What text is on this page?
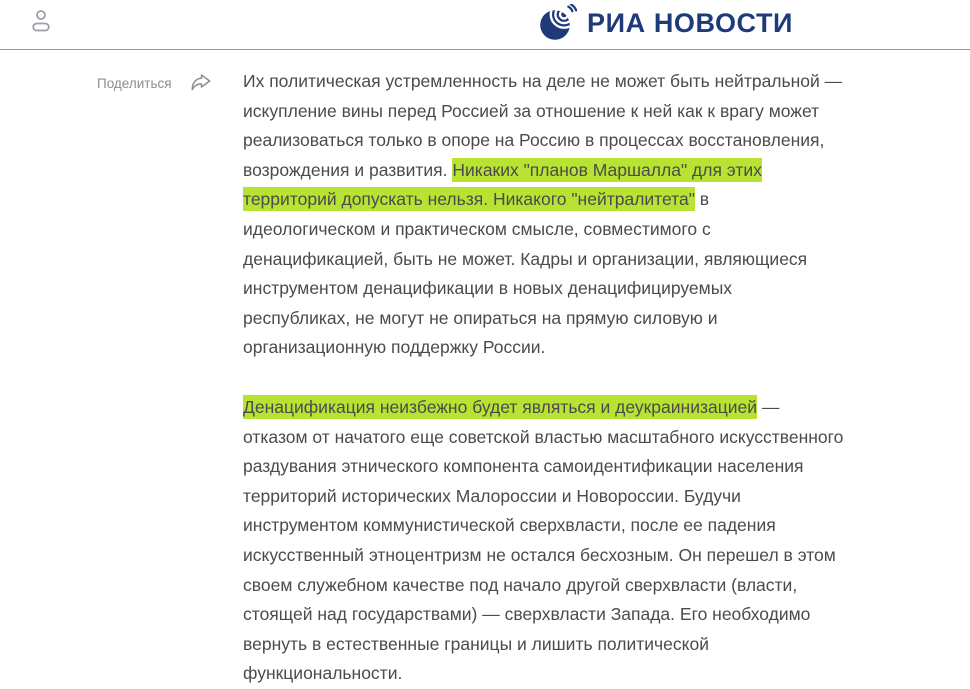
РИА НОВОСТИ
Поделиться	Их политическая устремленность на деле не может быть нейтральной — искупление вины перед Россией за отношение к ней как к врагу может реализоваться только в опоре на Россию в процессах восстановления, возрождения и развития. Никаких "планов Маршалла" для этих территорий допускать нельзя. Никакого "нейтралитета" в идеологическом и практическом смысле, совместимого с денацификацией, быть не может. Кадры и организации, являющиеся инструментом денацификации в новых денацифицируемых республиках, не могут не опираться на прямую силовую и организационную поддержку России.

Денацификация неизбежно будет являться и деукраинизацией — отказом от начатого еще советской властью масштабного искусственного раздувания этнического компонента самоидентификации населения территорий исторических Малороссии и Новороссии. Будучи инструментом коммунистической сверхвласти, после ее падения искусственный этноцентризм не остался бесхозным. Он перешел в этом своем служебном качестве под начало другой сверхвласти (власти, стоящей над государствами) — сверхвласти Запада. Его необходимо вернуть в естественные границы и лишить политической функциональности.
